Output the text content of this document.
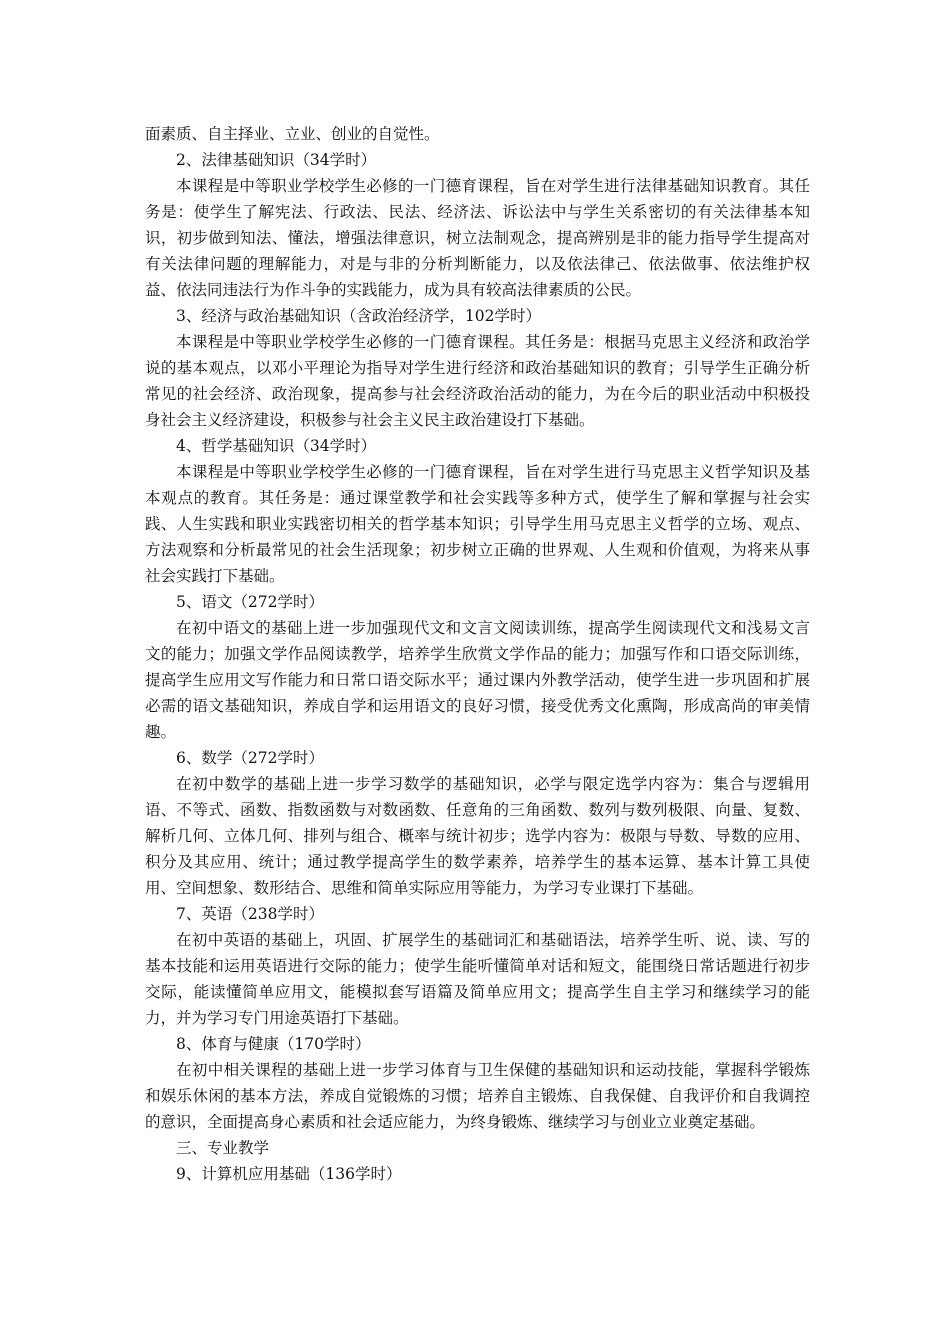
面素质、自主择业、立业、创业的自觉性。

2、法律基础知识（34学时）

本课程是中等职业学校学生必修的一门德育课程，旨在对学生进行法律基础知识教育。其任务是：使学生了解宪法、行政法、民法、经济法、诉讼法中与学生关系密切的有关法律基本知识，初步做到知法、懂法，增强法律意识，树立法制观念，提高辨别是非的能力指导学生提高对有关法律问题的理解能力，对是与非的分析判断能力，以及依法律己、依法做事、依法维护权益、依法同违法行为作斗争的实践能力，成为具有较高法律素质的公民。

3、经济与政治基础知识（含政治经济学，102学时）

本课程是中等职业学校学生必修的一门德育课程。其任务是：根据马克思主义经济和政治学说的基本观点，以邓小平理论为指导对学生进行经济和政治基础知识的教育；引导学生正确分析常见的社会经济、政治现象，提高参与社会经济政治活动的能力，为在今后的职业活动中积极投身社会主义经济建设，积极参与社会主义民主政治建设打下基础。

4、哲学基础知识（34学时）

本课程是中等职业学校学生必修的一门德育课程，旨在对学生进行马克思主义哲学知识及基本观点的教育。其任务是：通过课堂教学和社会实践等多种方式，使学生了解和掌握与社会实践、人生实践和职业实践密切相关的哲学基本知识；引导学生用马克思主义哲学的立场、观点、方法观察和分析最常见的社会生活现象；初步树立正确的世界观、人生观和价值观，为将来从事社会实践打下基础。

5、语文（272学时）

在初中语文的基础上进一步加强现代文和文言文阅读训练，提高学生阅读现代文和浅易文言文的能力；加强文学作品阅读教学，培养学生欣赏文学作品的能力；加强写作和口语交际训练，提高学生应用文写作能力和日常口语交际水平；通过课内外教学活动，使学生进一步巩固和扩展必需的语文基础知识，养成自学和运用语文的良好习惯，接受优秀文化熏陶，形成高尚的审美情趣。

6、数学（272学时）

在初中数学的基础上进一步学习数学的基础知识，必学与限定选学内容为：集合与逻辑用语、不等式、函数、指数函数与对数函数、任意角的三角函数、数列与数列极限、向量、复数、解析几何、立体几何、排列与组合、概率与统计初步；选学内容为：极限与导数、导数的应用、积分及其应用、统计；通过教学提高学生的数学素养，培养学生的基本运算、基本计算工具使用、空间想象、数形结合、思维和简单实际应用等能力，为学习专业课打下基础。

7、英语（238学时）

在初中英语的基础上，巩固、扩展学生的基础词汇和基础语法，培养学生听、说、读、写的基本技能和运用英语进行交际的能力；使学生能听懂简单对话和短文，能围绕日常话题进行初步交际，能读懂简单应用文，能模拟套写语篇及简单应用文；提高学生自主学习和继续学习的能力，并为学习专门用途英语打下基础。

8、体育与健康（170学时）

在初中相关课程的基础上进一步学习体育与卫生保健的基础知识和运动技能，掌握科学锻炼和娱乐休闲的基本方法，养成自觉锻炼的习惯；培养自主锻炼、自我保健、自我评价和自我调控的意识，全面提高身心素质和社会适应能力，为终身锻炼、继续学习与创业立业奠定基础。

三、专业教学

9、计算机应用基础（136学时）
